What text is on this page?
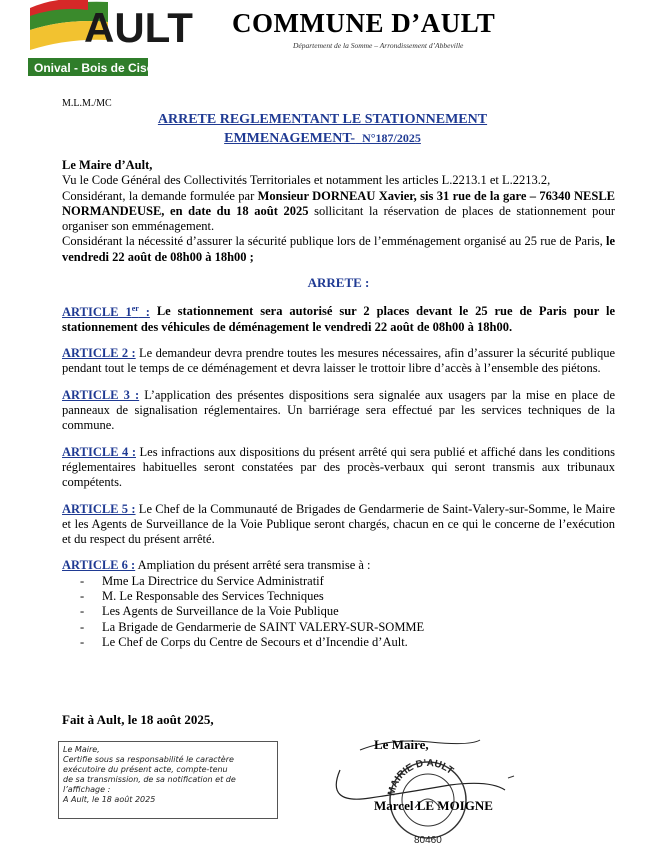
AULT
Onival - Bois de Cise
COMMUNE D’AULT
Département de la Somme – Arrondissement d’Abbeville
M.L.M./MC
ARRETE REGLEMENTANT LE STATIONNEMENT
EMMENAGEMENT- N°187/2025

Le Maire d’Ault,

Vu le Code Général des Collectivités Territoriales et notamment les articles L.2213.1 et L.2213.2,

Considérant, la demande formulée par Monsieur DORNEAU Xavier, sis 31 rue de la gare – 76340 NESLE NORMANDEUSE, en date du 18 août 2025 sollicitant la réservation de places de stationnement pour organiser son emménagement.

Considérant la nécessité d’assurer la sécurité publique lors de l’emménagement organisé au 25 rue de Paris, le vendredi 22 août de 08h00 à 18h00 ;

ARRETE :

ARTICLE 1er : Le stationnement sera autorisé sur 2 places devant le 25 rue de Paris pour le stationnement des véhicules de déménagement le vendredi 22 août de 08h00 à 18h00.

ARTICLE 2 : Le demandeur devra prendre toutes les mesures nécessaires, afin d’assurer la sécurité publique pendant tout le temps de ce déménagement et devra laisser le trottoir libre d’accès à l’ensemble des piétons.

ARTICLE 3 : L’application des présentes dispositions sera signalée aux usagers par la mise en place de panneaux de signalisation réglementaires. Un barriérage sera effectué par les services techniques de la commune.

ARTICLE 4 : Les infractions aux dispositions du présent arrêté qui sera publié et affiché dans les conditions réglementaires habituelles seront constatées par des procès-verbaux qui seront transmis aux tribunaux compétents.

ARTICLE 5 : Le Chef de la Communauté de Brigades de Gendarmerie de Saint-Valery-sur-Somme, le Maire et les Agents de Surveillance de la Voie Publique seront chargés, chacun en ce qui le concerne de l’exécution et du respect du présent arrêté.

ARTICLE 6 : Ampliation du présent arrêté sera transmise à :

- Mme La Directrice du Service Administratif
- M. Le Responsable des Services Techniques
- Les Agents de Surveillance de la Voie Publique
- La Brigade de Gendarmerie de SAINT VALERY-SUR-SOMME
- Le Chef de Corps du Centre de Secours et d’Incendie d’Ault.
Fait à Ault, le 18 août 2025,
Le Maire,
Certifie sous sa responsabilité le caractère
exécutoire du présent acte, compte-tenu
de sa transmission, de sa notification et de
l’affichage :
A Ault, le 18 août 2025
MAIRIE D’AULT
80460
Le Maire,
Marcel LE MOIGNE
